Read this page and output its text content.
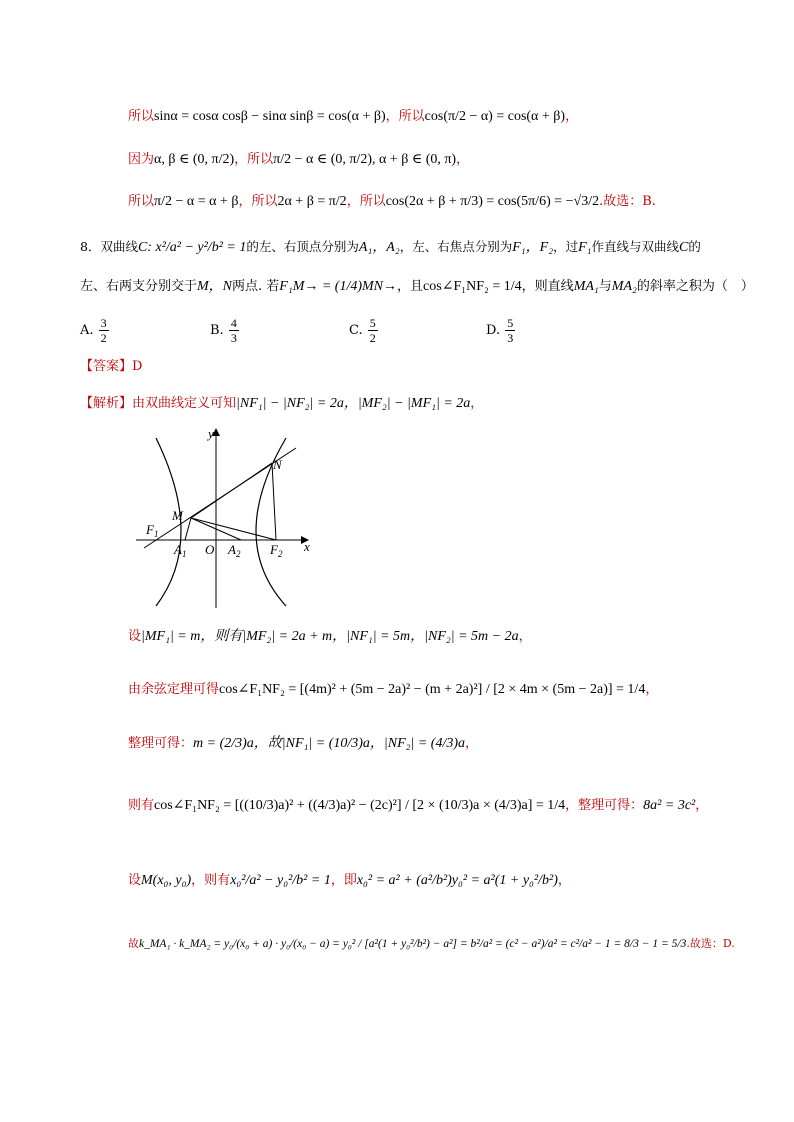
所以sinα = cosα cosβ − sinα sinβ = cos(α + β)，所以cos(π/2 − α) = cos(α + β)，
因为α, β ∈ (0, π/2)，所以π/2 − α ∈ (0, π/2), α + β ∈ (0, π)，
所以π/2 − α = α + β，所以2α + β = π/2，所以cos(2α + β + π/3) = cos(5π/6) = −√3/2.故选：B.
8．双曲线C: x²/a² − y²/b² = 1的左、右顶点分别为A₁，A₂，左、右焦点分别为F₁，F₂，过F₁作直线与双曲线C的
左、右两支分别交于M，N两点. 若F₁M→ = (1/4)MN→，且cos∠F₁NF₂ = 1/4，则直线MA₁与MA₂的斜率之积为（　）
A. $\frac{3}{2}$	B. $\frac{4}{3}$	C. $\frac{5}{2}$	D. $\frac{5}{3}$
【答案】D
【解析】由双曲线定义可知|NF₁| − |NF₂| = 2a，|MF₂| − |MF₁| = 2a，
y
x
N
M
$F_1$
$A_1$ O $A_2$ $F_2$
设|MF₁| = m，则有|MF₂| = 2a + m，|NF₁| = 5m，|NF₂| = 5m − 2a，
由余弦定理可得cos∠F₁NF₂ = [(4m)² + (5m − 2a)² − (m + 2a)²] / [2 × 4m × (5m − 2a)] = 1/4，
整理可得：m = (2/3)a，故|NF₁| = (10/3)a，|NF₂| = (4/3)a，
则有cos∠F₁NF₂ = [((10/3)a)² + ((4/3)a)² − (2c)²] / [2 × (10/3)a × (4/3)a] = 1/4，整理可得：8a² = 3c²，
设M(x₀, y₀)，则有x₀²/a² − y₀²/b² = 1，即x₀² = a² + (a²/b²)y₀² = a²(1 + y₀²/b²)，
故k_MA₁ · k_MA₂ = y₀/(x₀ + a) · y₀/(x₀ − a) = y₀² / [a²(1 + y₀²/b²) − a²] = b²/a² = (c² − a²)/a² = c²/a² − 1 = 8/3 − 1 = 5/3.故选：D.
